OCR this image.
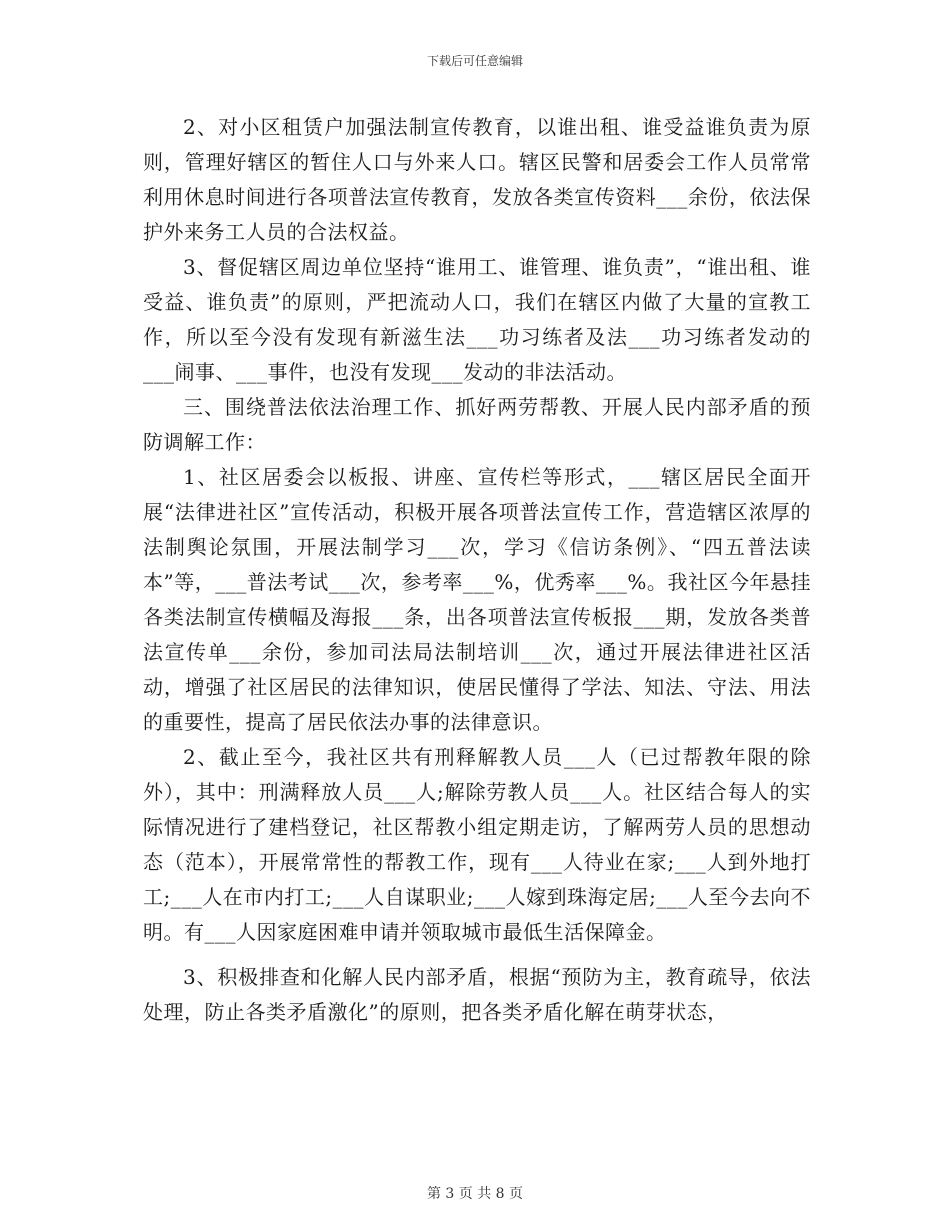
下载后可任意编辑

2、对小区租赁户加强法制宣传教育，以谁出租、谁受益谁负责为原则，管理好辖区的暂住人口与外来人口。辖区民警和居委会工作人员常常利用休息时间进行各项普法宣传教育，发放各类宣传资料___余份，依法保护外来务工人员的合法权益。

3、督促辖区周边单位坚持“谁用工、谁管理、谁负责”，“谁出租、谁受益、谁负责”的原则，严把流动人口，我们在辖区内做了大量的宣教工作，所以至今没有发现有新滋生法___功习练者及法___功习练者发动的___闹事、___事件，也没有发现___发动的非法活动。

三、围绕普法依法治理工作、抓好两劳帮教、开展人民内部矛盾的预防调解工作：

1、社区居委会以板报、讲座、宣传栏等形式，___辖区居民全面开展“法律进社区”宣传活动，积极开展各项普法宣传工作，营造辖区浓厚的法制舆论氛围，开展法制学习___次，学习《信访条例》、“四五普法读本”等，___普法考试___次，参考率___%，优秀率___%。我社区今年悬挂各类法制宣传横幅及海报___条，出各项普法宣传板报___期，发放各类普法宣传单___余份，参加司法局法制培训___次，通过开展法律进社区活动，增强了社区居民的法律知识，使居民懂得了学法、知法、守法、用法的重要性，提高了居民依法办事的法律意识。

2、截止至今，我社区共有刑释解教人员___人（已过帮教年限的除外），其中：刑满释放人员___人;解除劳教人员___人。社区结合每人的实际情况进行了建档登记，社区帮教小组定期走访，了解两劳人员的思想动态（范本），开展常常性的帮教工作，现有___人待业在家;___人到外地打工;___人在市内打工;___人自谋职业;___人嫁到珠海定居;___人至今去向不明。有___人因家庭困难申请并领取城市最低生活保障金。

3、积极排查和化解人民内部矛盾，根据“预防为主，教育疏导，依法处理，防止各类矛盾激化”的原则，把各类矛盾化解在萌芽状态，

第 3 页 共 8 页
